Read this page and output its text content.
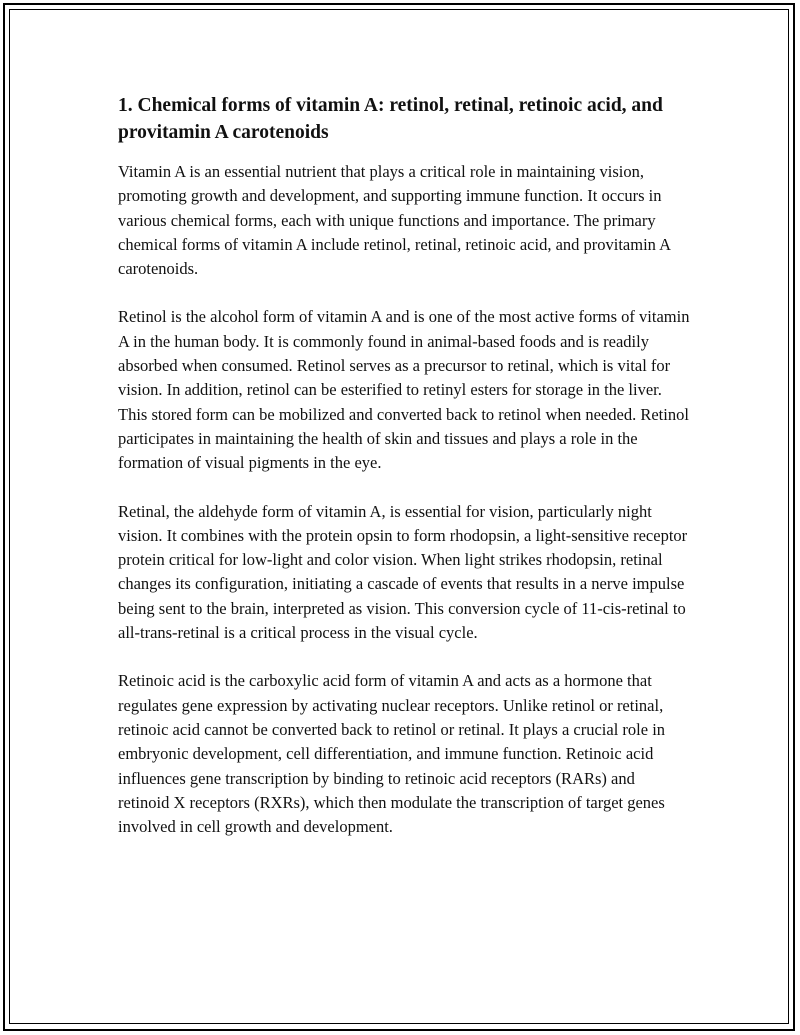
1. Chemical forms of vitamin A: retinol, retinal, retinoic acid, and provitamin A carotenoids

Vitamin A is an essential nutrient that plays a critical role in maintaining vision, promoting growth and development, and supporting immune function. It occurs in various chemical forms, each with unique functions and importance. The primary chemical forms of vitamin A include retinol, retinal, retinoic acid, and provitamin A carotenoids.

Retinol is the alcohol form of vitamin A and is one of the most active forms of vitamin A in the human body. It is commonly found in animal-based foods and is readily absorbed when consumed. Retinol serves as a precursor to retinal, which is vital for vision. In addition, retinol can be esterified to retinyl esters for storage in the liver. This stored form can be mobilized and converted back to retinol when needed. Retinol participates in maintaining the health of skin and tissues and plays a role in the formation of visual pigments in the eye.

Retinal, the aldehyde form of vitamin A, is essential for vision, particularly night vision. It combines with the protein opsin to form rhodopsin, a light-sensitive receptor protein critical for low-light and color vision. When light strikes rhodopsin, retinal changes its configuration, initiating a cascade of events that results in a nerve impulse being sent to the brain, interpreted as vision. This conversion cycle of 11-cis-retinal to all-trans-retinal is a critical process in the visual cycle.

Retinoic acid is the carboxylic acid form of vitamin A and acts as a hormone that regulates gene expression by activating nuclear receptors. Unlike retinol or retinal, retinoic acid cannot be converted back to retinol or retinal. It plays a crucial role in embryonic development, cell differentiation, and immune function. Retinoic acid influences gene transcription by binding to retinoic acid receptors (RARs) and retinoid X receptors (RXRs), which then modulate the transcription of target genes involved in cell growth and development.
